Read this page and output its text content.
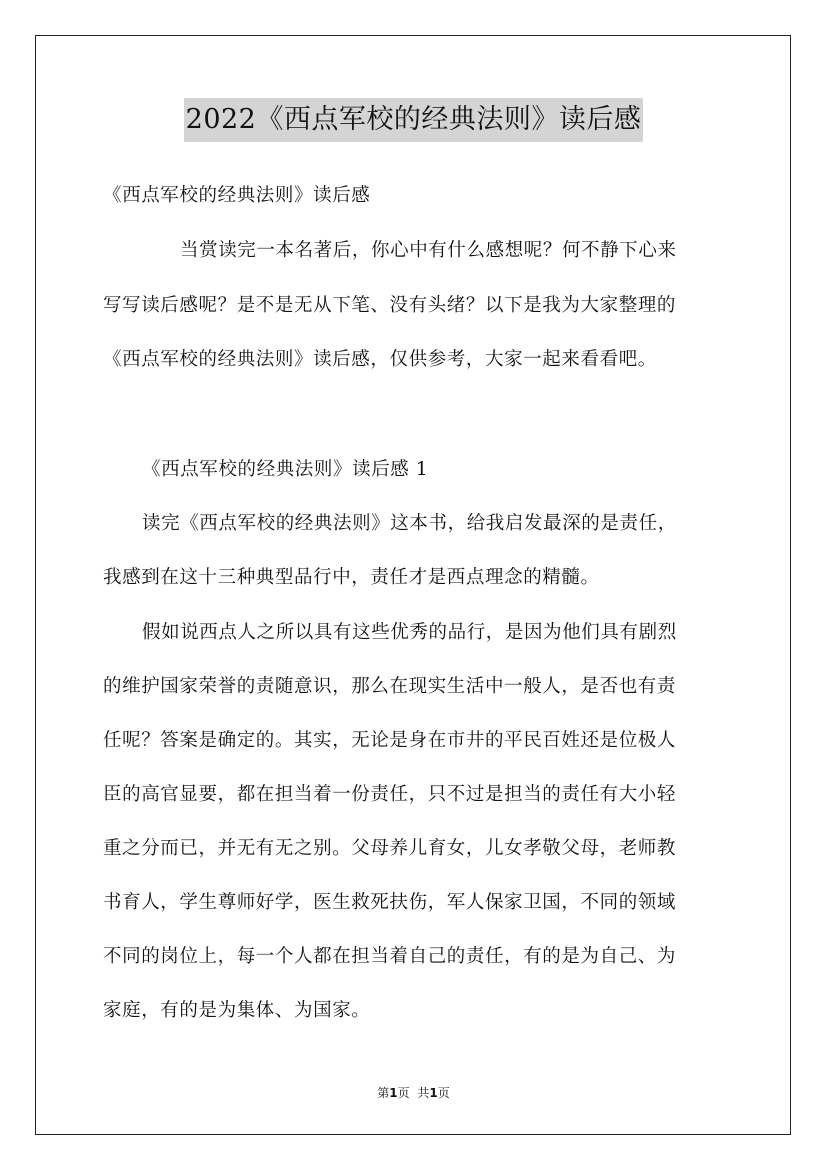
2022《西点军校的经典法则》读后感
《西点军校的经典法则》读后感
当赏读完一本名著后，你心中有什么感想呢？何不静下心来
写写读后感呢？是不是无从下笔、没有头绪？以下是我为大家整理的
《西点军校的经典法则》读后感，仅供参考，大家一起来看看吧。
《西点军校的经典法则》读后感 1
读完《西点军校的经典法则》这本书，给我启发最深的是责任，
我感到在这十三种典型品行中，责任才是西点理念的精髓。
假如说西点人之所以具有这些优秀的品行，是因为他们具有剧烈
的维护国家荣誉的责随意识，那么在现实生活中一般人，是否也有责
任呢？答案是确定的。其实，无论是身在市井的平民百姓还是位极人
臣的高官显要，都在担当着一份责任，只不过是担当的责任有大小轻
重之分而已，并无有无之别。父母养儿育女，儿女孝敬父母，老师教
书育人，学生尊师好学，医生救死扶伤，军人保家卫国，不同的领域
不同的岗位上，每一个人都在担当着自己的责任，有的是为自己、为
家庭，有的是为集体、为国家。
第1页 共1页
